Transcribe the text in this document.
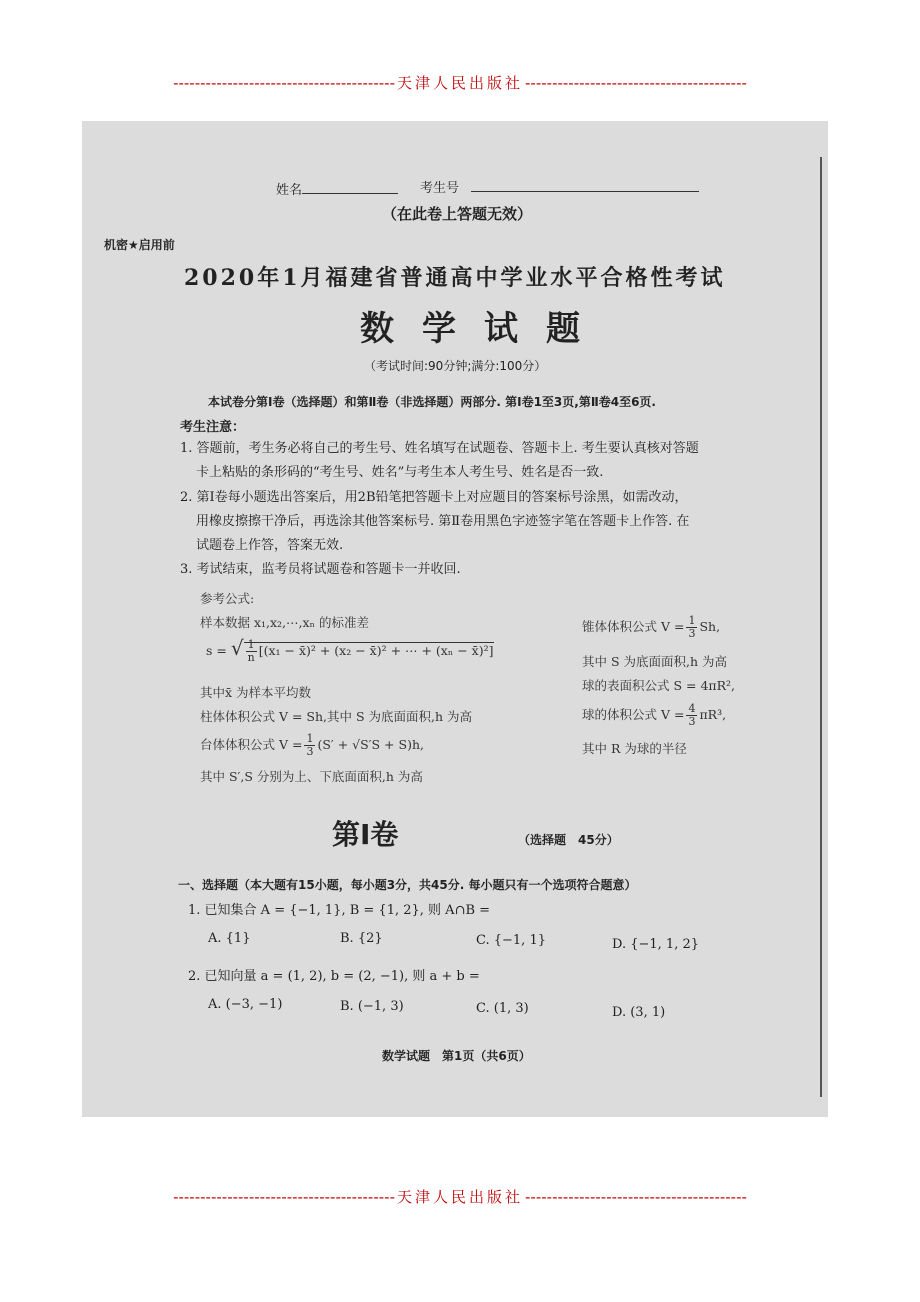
----------------------------------------- 天津人民出版社 -----------------------------------------
姓名	考生号
（在此卷上答题无效）
机密★启用前
2020年1月福建省普通高中学业水平合格性考试
数学试题
（考试时间:90分钟;满分:100分）
本试卷分第Ⅰ卷（选择题）和第Ⅱ卷（非选择题）两部分. 第Ⅰ卷1至3页,第Ⅱ卷4至6页.
考生注意：
1. 答题前，考生务必将自己的考生号、姓名填写在试题卷、答题卡上. 考生要认真核对答题
卡上粘贴的条形码的“考生号、姓名”与考生本人考生号、姓名是否一致.
2. 第Ⅰ卷每小题选出答案后，用2B铅笔把答题卡上对应题目的答案标号涂黑，如需改动，
用橡皮擦擦干净后，再选涂其他答案标号. 第Ⅱ卷用黑色字迹签字笔在答题卡上作答. 在
试题卷上作答，答案无效.
3. 考试结束，监考员将试题卷和答题卡一并收回.
参考公式:
样本数据 x₁,x₂,⋯,xₙ 的标准差
s = √ $\frac{1}{n} [(x_1$ − x̄)² + (x₂ − x̄)² + ⋯ + (xₙ − x̄)²]
其中x̄ 为样本平均数
柱体体积公式 V = Sh,其中 S 为底面面积,h 为高
台体体积公式 $V = \frac{1}{3} (S' + √S'S + S)h$,
其中 S′,S 分别为上、下底面面积,h 为高
锥体体积公式 $V = \frac{1}{3} Sh$,
其中 S 为底面面积,h 为高
球的表面积公式 S = 4πR²,
球的体积公式 $V = \frac{4}{3} \pi R^3$,
其中 R 为球的半径
第Ⅰ卷	（选择题　45分）
一、选择题（本大题有15小题，每小题3分，共45分. 每小题只有一个选项符合题意）
1. 已知集合 A = {−1, 1}, B = {1, 2}, 则 A∩B =
A. {1}	B. {2}	C. {−1, 1}	D. {−1, 1, 2}
2. 已知向量 a = (1, 2), b = (2, −1), 则 a + b =
A. (−3, −1)	B. (−1, 3)	C. (1, 3)	D. (3, 1)
数学试题　第1页（共6页）
----------------------------------------- 天津人民出版社 -----------------------------------------
